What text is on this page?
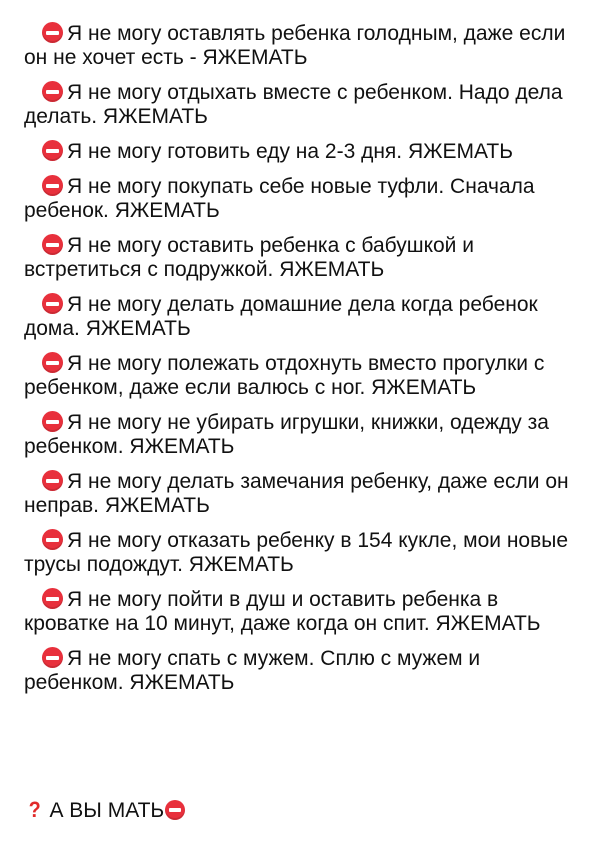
Я не могу оставлять ребенка голодным, даже если он не хочет есть - ЯЖЕМАТЬ
Я не могу отдыхать вместе с ребенком. Надо дела делать. ЯЖЕМАТЬ
Я не могу готовить еду на 2-3 дня. ЯЖЕМАТЬ
Я не могу покупать себе новые туфли. Сначала ребенок. ЯЖЕМАТЬ
Я не могу оставить ребенка с бабушкой и встретиться с подружкой. ЯЖЕМАТЬ
Я не могу делать домашние дела когда ребенок дома. ЯЖЕМАТЬ
Я не могу полежать отдохнуть вместо прогулки с ребенком, даже если валюсь с ног. ЯЖЕМАТЬ
Я не могу не убирать игрушки, книжки, одежду за ребенком. ЯЖЕМАТЬ
Я не могу делать замечания ребенку, даже если он неправ. ЯЖЕМАТЬ
Я не могу отказать ребенку в 154 кукле, мои новые трусы подождут. ЯЖЕМАТЬ
Я не могу пойти в душ и оставить ребенка в кроватке на 10 минут, даже когда он спит. ЯЖЕМАТЬ
Я не могу спать с мужем. Сплю с мужем и ребенком. ЯЖЕМАТЬ
? А ВЫ МАТЬ
